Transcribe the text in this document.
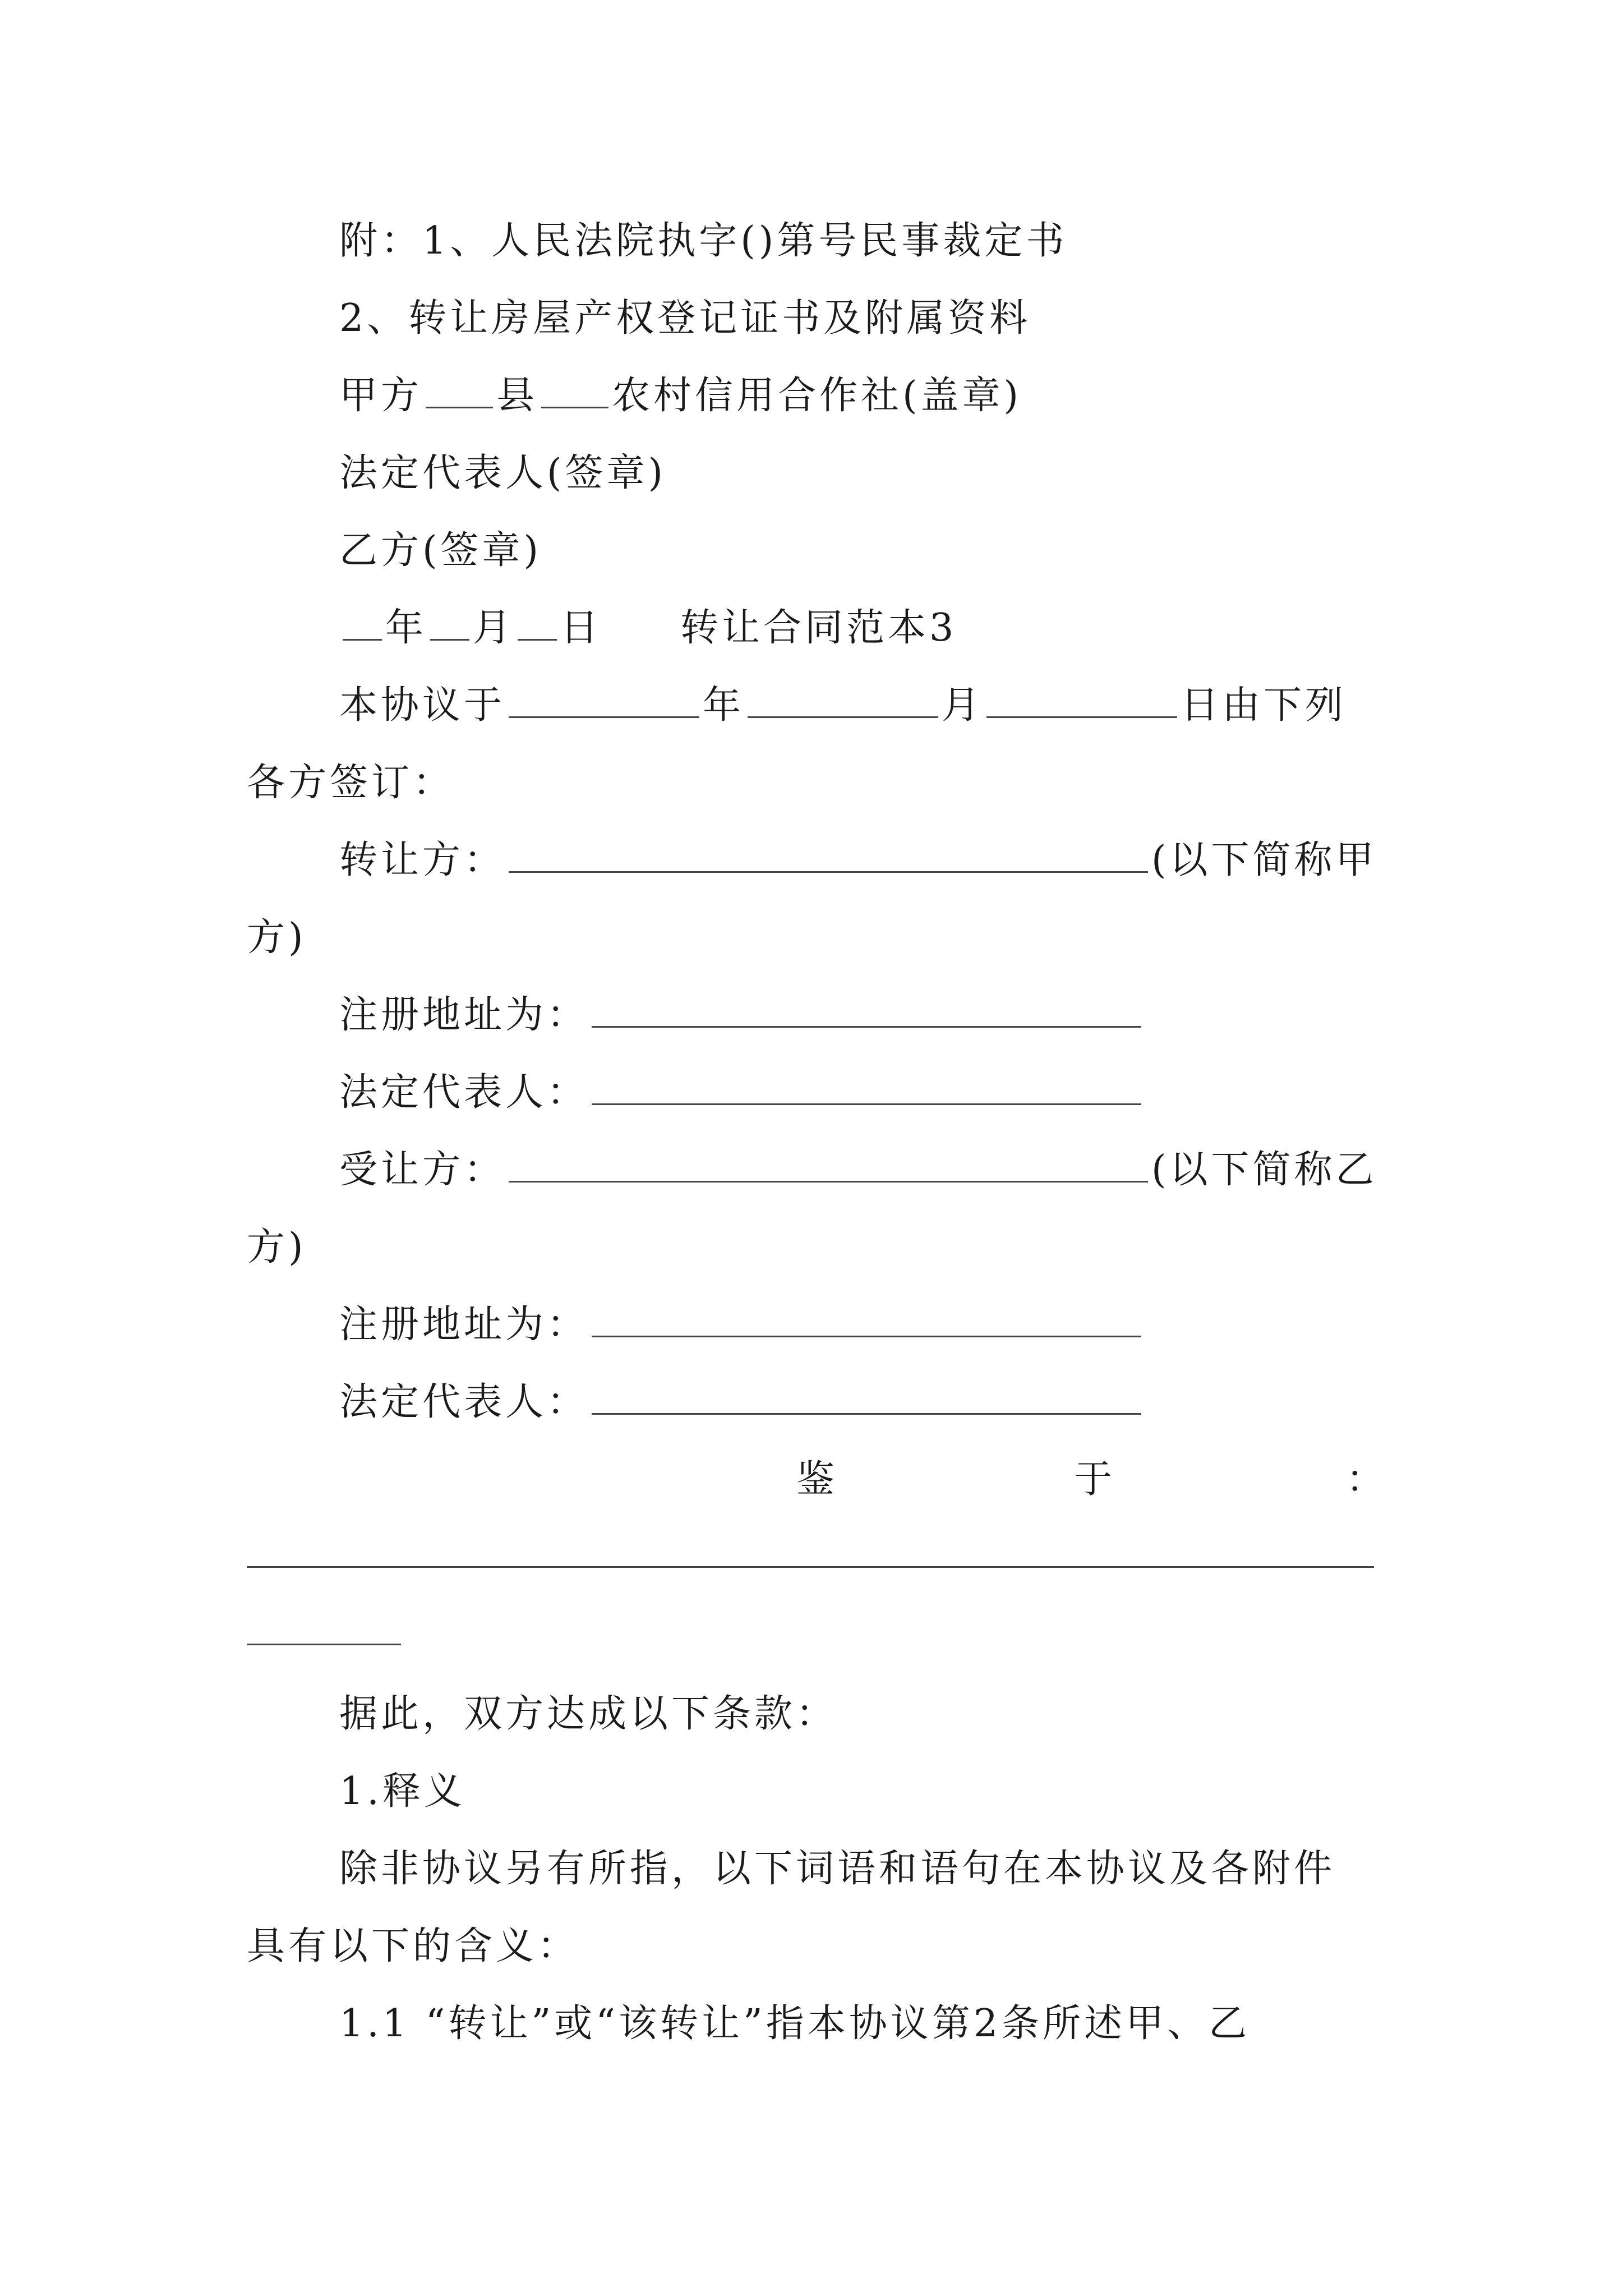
附：1、人民法院执字()第号民事裁定书
2、转让房屋产权登记证书及附属资料
甲方 县 农村信用合作社(盖章)
法定代表人(签章)
乙方(签章)
年 月 日 转让合同范本3
本协议于	年	月	日由下列
各方签订：
转让方：	(以下简称甲
方)
注册地址为：
法定代表人：
受让方：	(以下简称乙
方)
注册地址为：
法定代表人：
鉴	于	：
据此，双方达成以下条款：
1.释义
除非协议另有所指，以下词语和语句在本协议及各附件
具有以下的含义：
1.1 “转让”或“该转让”指本协议第2条所述甲、乙
